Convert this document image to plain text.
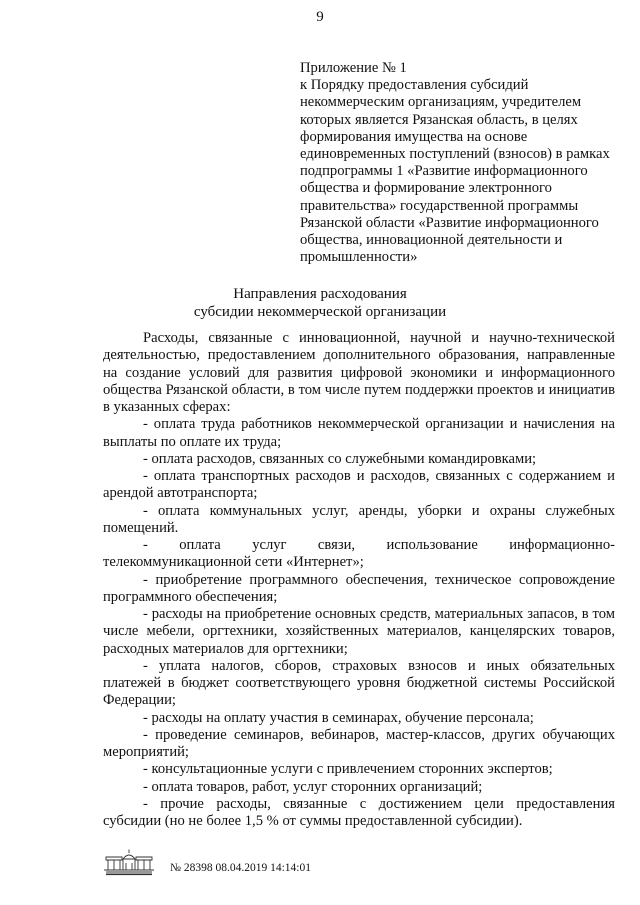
9
Приложение № 1
к Порядку предоставления субсидий некоммерческим организациям, учредителем которых является Рязанская область, в целях формирования имущества на основе единовременных поступлений (взносов) в рамках подпрограммы 1 «Развитие информационного общества и формирование электронного правительства» государственной программы Рязанской области «Развитие информационного общества, инновационной деятельности и промышленности»
Направления расходования
субсидии некоммерческой организации

Расходы, связанные с инновационной, научной и научно-технической деятельностью, предоставлением дополнительного образования, направленные на создание условий для развития цифровой экономики и информационного общества Рязанской области, в том числе путем поддержки проектов и инициатив в указанных сферах:

- оплата труда работников некоммерческой организации и начисления на выплаты по оплате их труда;

- оплата расходов, связанных со служебными командировками;

- оплата транспортных расходов и расходов, связанных с содержанием и арендой автотранспорта;

- оплата коммунальных услуг, аренды, уборки и охраны служебных помещений.

- оплата услуг связи, использование информационно-телекоммуникационной сети «Интернет»;

- приобретение программного обеспечения, техническое сопровождение программного обеспечения;

- расходы на приобретение основных средств, материальных запасов, в том числе мебели, оргтехники, хозяйственных материалов, канцелярских товаров, расходных материалов для оргтехники;

- уплата налогов, сборов, страховых взносов и иных обязательных платежей в бюджет соответствующего уровня бюджетной системы Российской Федерации;

- расходы на оплату участия в семинарах, обучение персонала;

- проведение семинаров, вебинаров, мастер-классов, других обучающих мероприятий;

- консультационные услуги с привлечением сторонних экспертов;

- оплата товаров, работ, услуг сторонних организаций;

- прочие расходы, связанные с достижением цели предоставления субсидии (но не более 1,5 % от суммы предоставленной субсидии).

№ 28398 08.04.2019 14:14:01
